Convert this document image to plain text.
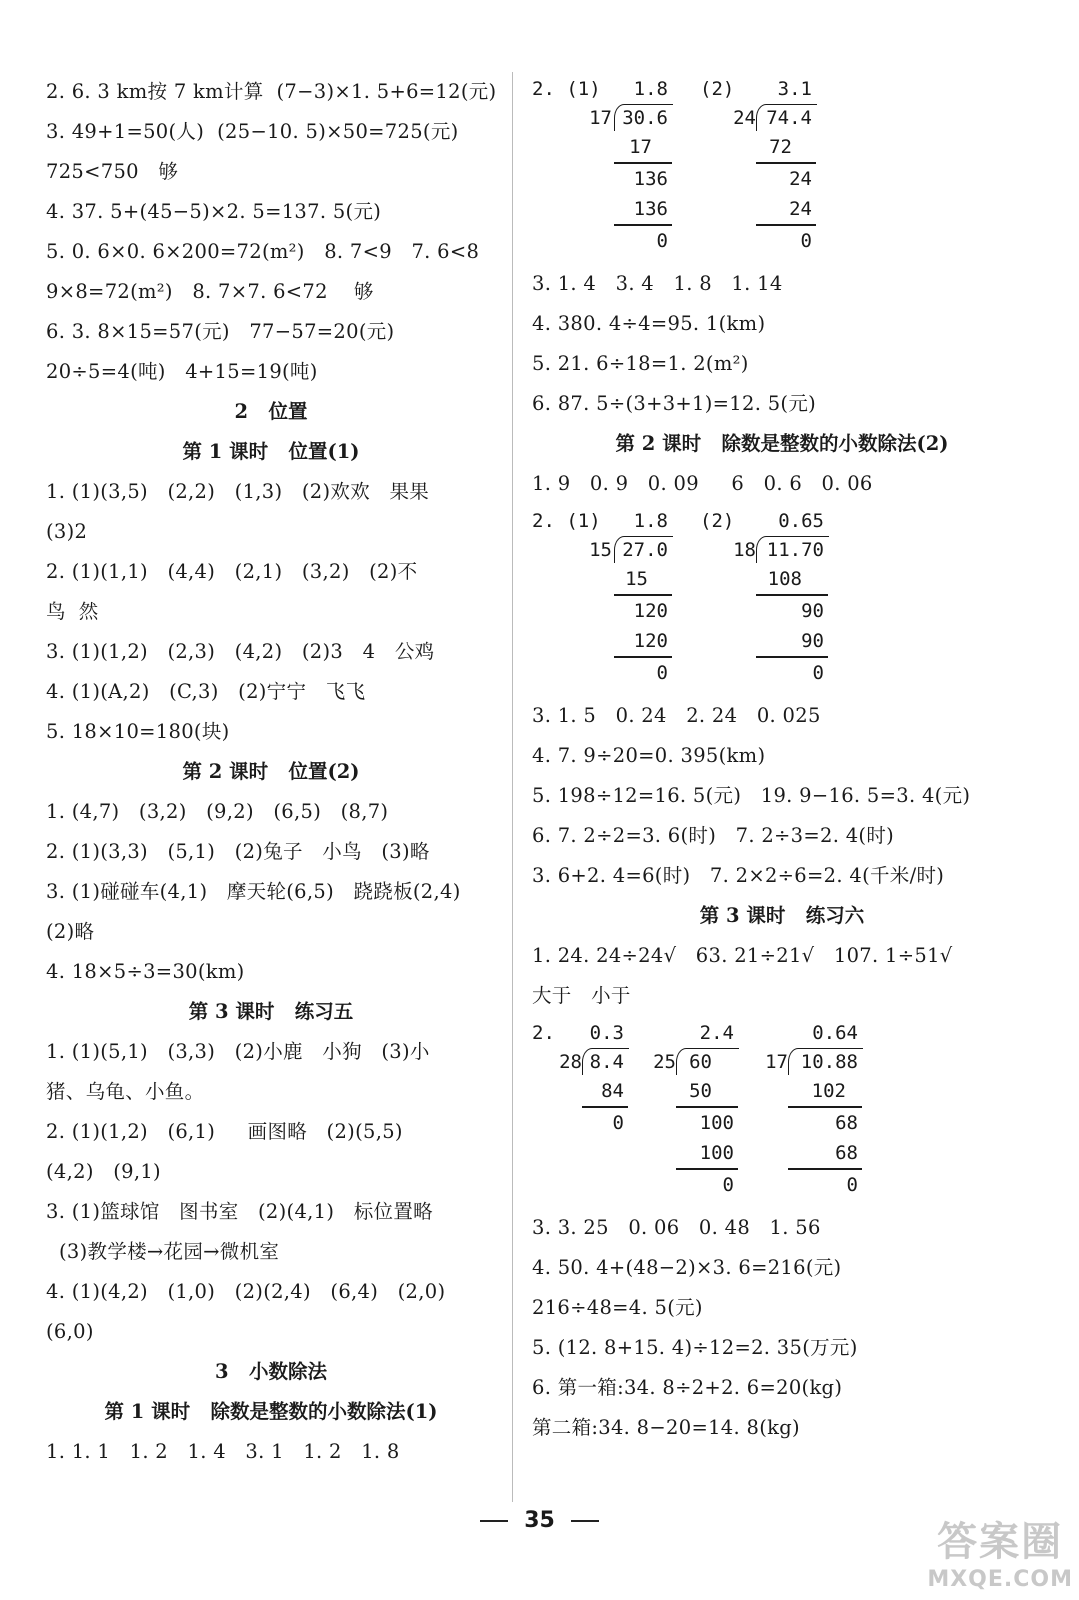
2. 6. 3 km按 7 km计算  (7−3)×1. 5+6=12(元)
3. 49+1=50(人)  (25−10. 5)×50=725(元)
725<750   够
4. 37. 5+(45−5)×2. 5=137. 5(元)
5. 0. 6×0. 6×200=72(m²)   8. 7<9   7. 6<8
9×8=72(m²)   8. 7×7. 6<72    够
6. 3. 8×15=57(元)   77−57=20(元)
20÷5=4(吨)   4+15=19(吨)
2   位置
第 1 课时   位置(1)
1. (1)(3,5)   (2,2)   (1,3)   (2)欢欢   果果
(3)2
2. (1)(1,1)   (4,4)   (2,1)   (3,2)   (2)不
鸟  然
3. (1)(1,2)   (2,3)   (4,2)   (2)3   4   公鸡
4. (1)(A,2)   (C,3)   (2)宁宁   飞飞
5. 18×10=180(块)
第 2 课时   位置(2)
1. (4,7)   (3,2)   (9,2)   (6,5)   (8,7)
2. (1)(3,3)   (5,1)   (2)兔子   小鸟   (3)略
3. (1)碰碰车(4,1)   摩天轮(6,5)   跷跷板(2,4)
(2)略
4. 18×5÷3=30(km)
第 3 课时   练习五
1. (1)(5,1)   (3,3)   (2)小鹿   小狗   (3)小
猪、乌龟、小鱼。
2. (1)(1,2)   (6,1)     画图略   (2)(5,5)
(4,2)   (9,1)
3. (1)篮球馆   图书室   (2)(4,1)   标位置略
(3)教学楼→花园→微机室
4. (1)(4,2)   (1,0)   (2)(2,4)   (6,4)   (2,0)
(6,0)
3   小数除法
第 1 课时   除数是整数的小数除法(1)
1. 1. 1   1. 2   1. 4   3. 1   1. 2   1. 8
2. (1)	1.8
17 30.6
17
136
136
0
(2)	3.1
24 74.4
72
24
24
0
3. 1. 4   3. 4   1. 8   1. 14
4. 380. 4÷4=95. 1(km)
5. 21. 6÷18=1. 2(m²)
6. 87. 5÷(3+3+1)=12. 5(元)
第 2 课时   除数是整数的小数除法(2)
1. 9   0. 9   0. 09     6   0. 6   0. 06
2. (1)	1.8
15 27.0
15
120
120
0
(2)	0.65
18 11.70
108
90
90
0
3. 1. 5   0. 24   2. 24   0. 025
4. 7. 9÷20=0. 395(km)
5. 198÷12=16. 5(元)   19. 9−16. 5=3. 4(元)
6. 7. 2÷2=3. 6(时)   7. 2÷3=2. 4(时)
3. 6+2. 4=6(时)   7. 2×2÷6=2. 4(千米/时)
第 3 课时   练习六
1. 24. 24÷24√   63. 21÷21√   107. 1÷51√
大于   小于
2.	0.3
28 8.4
84
0
2.4
25 60
50
100
100
0
0.64
17 10.88
102
68
68
0
3. 3. 25   0. 06   0. 48   1. 56
4. 50. 4+(48−2)×3. 6=216(元)
216÷48=4. 5(元)
5. (12. 8+15. 4)÷12=2. 35(万元)
6. 第一箱:34. 8÷2+2. 6=20(kg)
第二箱:34. 8−20=14. 8(kg)
35	答案圈
MXQE.COM
